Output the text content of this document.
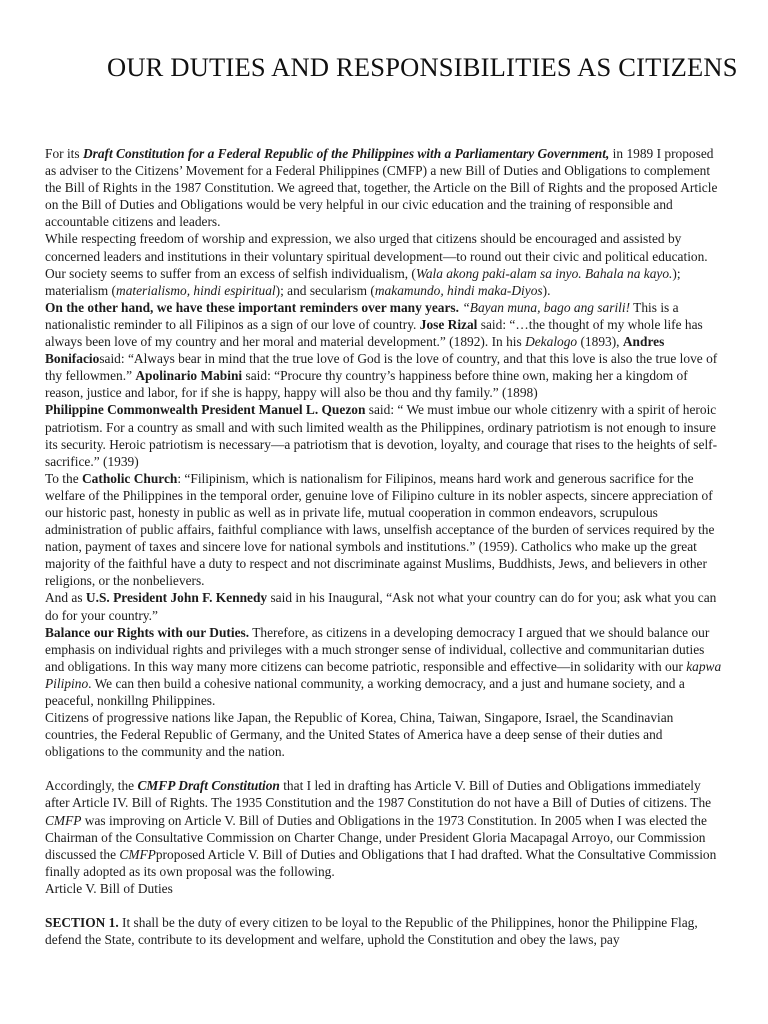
OUR DUTIES AND RESPONSIBILITIES AS CITIZENS

For its Draft Constitution for a Federal Republic of the Philippines with a Parliamentary Government, in 1989 I proposed as adviser to the Citizens’ Movement for a Federal Philippines (CMFP) a new Bill of Duties and Obligations to complement the Bill of Rights in the 1987 Constitution. We agreed that, together, the Article on the Bill of Rights and the proposed Article on the Bill of Duties and Obligations would be very helpful in our civic education and the training of responsible and accountable citizens and leaders.

While respecting freedom of worship and expression, we also urged that citizens should be encouraged and assisted by concerned leaders and institutions in their voluntary spiritual development—to round out their civic and political education. Our society seems to suffer from an excess of selfish individualism, (Wala akong paki-alam sa inyo. Bahala na kayo.); materialism (materialismo, hindi espiritual); and secularism (makamundo, hindi maka-Diyos).

On the other hand, we have these important reminders over many years. “Bayan muna, bago ang sarili! This is a nationalistic reminder to all Filipinos as a sign of our love of country. Jose Rizal said: “…the thought of my whole life has always been love of my country and her moral and material development.” (1892). In his Dekalogo (1893), Andres Bonifaciosaid: “Always bear in mind that the true love of God is the love of country, and that this love is also the true love of thy fellowmen.” Apolinario Mabini said: “Procure thy country’s happiness before thine own, making her a kingdom of reason, justice and labor, for if she is happy, happy will also be thou and thy family.” (1898)

Philippine Commonwealth President Manuel L. Quezon said: “ We must imbue our whole citizenry with a spirit of heroic patriotism. For a country as small and with such limited wealth as the Philippines, ordinary patriotism is not enough to insure its security. Heroic patriotism is necessary—a patriotism that is devotion, loyalty, and courage that rises to the heights of self-sacrifice.” (1939)

To the Catholic Church: “Filipinism, which is nationalism for Filipinos, means hard work and generous sacrifice for the welfare of the Philippines in the temporal order, genuine love of Filipino culture in its nobler aspects, sincere appreciation of our historic past, honesty in public as well as in private life, mutual cooperation in common endeavors, scrupulous administration of public affairs, faithful compliance with laws, unselfish acceptance of the burden of services required by the nation, payment of taxes and sincere love for national symbols and institutions.” (1959). Catholics who make up the great majority of the faithful have a duty to respect and not discriminate against Muslims, Buddhists, Jews, and believers in other religions, or the nonbelievers.

And as U.S. President John F. Kennedy said in his Inaugural, “Ask not what your country can do for you; ask what you can do for your country.”

Balance our Rights with our Duties. Therefore, as citizens in a developing democracy I argued that we should balance our emphasis on individual rights and privileges with a much stronger sense of individual, collective and communitarian duties and obligations. In this way many more citizens can become patriotic, responsible and effective—in solidarity with our kapwa Pilipino. We can then build a cohesive national community, a working democracy, and a just and humane society, and a peaceful, nonkillng Philippines.

Citizens of progressive nations like Japan, the Republic of Korea, China, Taiwan, Singapore, Israel, the Scandinavian countries, the Federal Republic of Germany, and the United States of America have a deep sense of their duties and obligations to the community and the nation.

Accordingly, the CMFP Draft Constitution that I led in drafting has Article V. Bill of Duties and Obligations immediately after Article IV. Bill of Rights. The 1935 Constitution and the 1987 Constitution do not have a Bill of Duties of citizens. The CMFP was improving on Article V. Bill of Duties and Obligations in the 1973 Constitution. In 2005 when I was elected the Chairman of the Consultative Commission on Charter Change, under President Gloria Macapagal Arroyo, our Commission discussed the CMFPproposed Article V. Bill of Duties and Obligations that I had drafted. What the Consultative Commission finally adopted as its own proposal was the following.

Article V. Bill of Duties

SECTION 1. It shall be the duty of every citizen to be loyal to the Republic of the Philippines, honor the Philippine Flag, defend the State, contribute to its development and welfare, uphold the Constitution and obey the laws, pay
